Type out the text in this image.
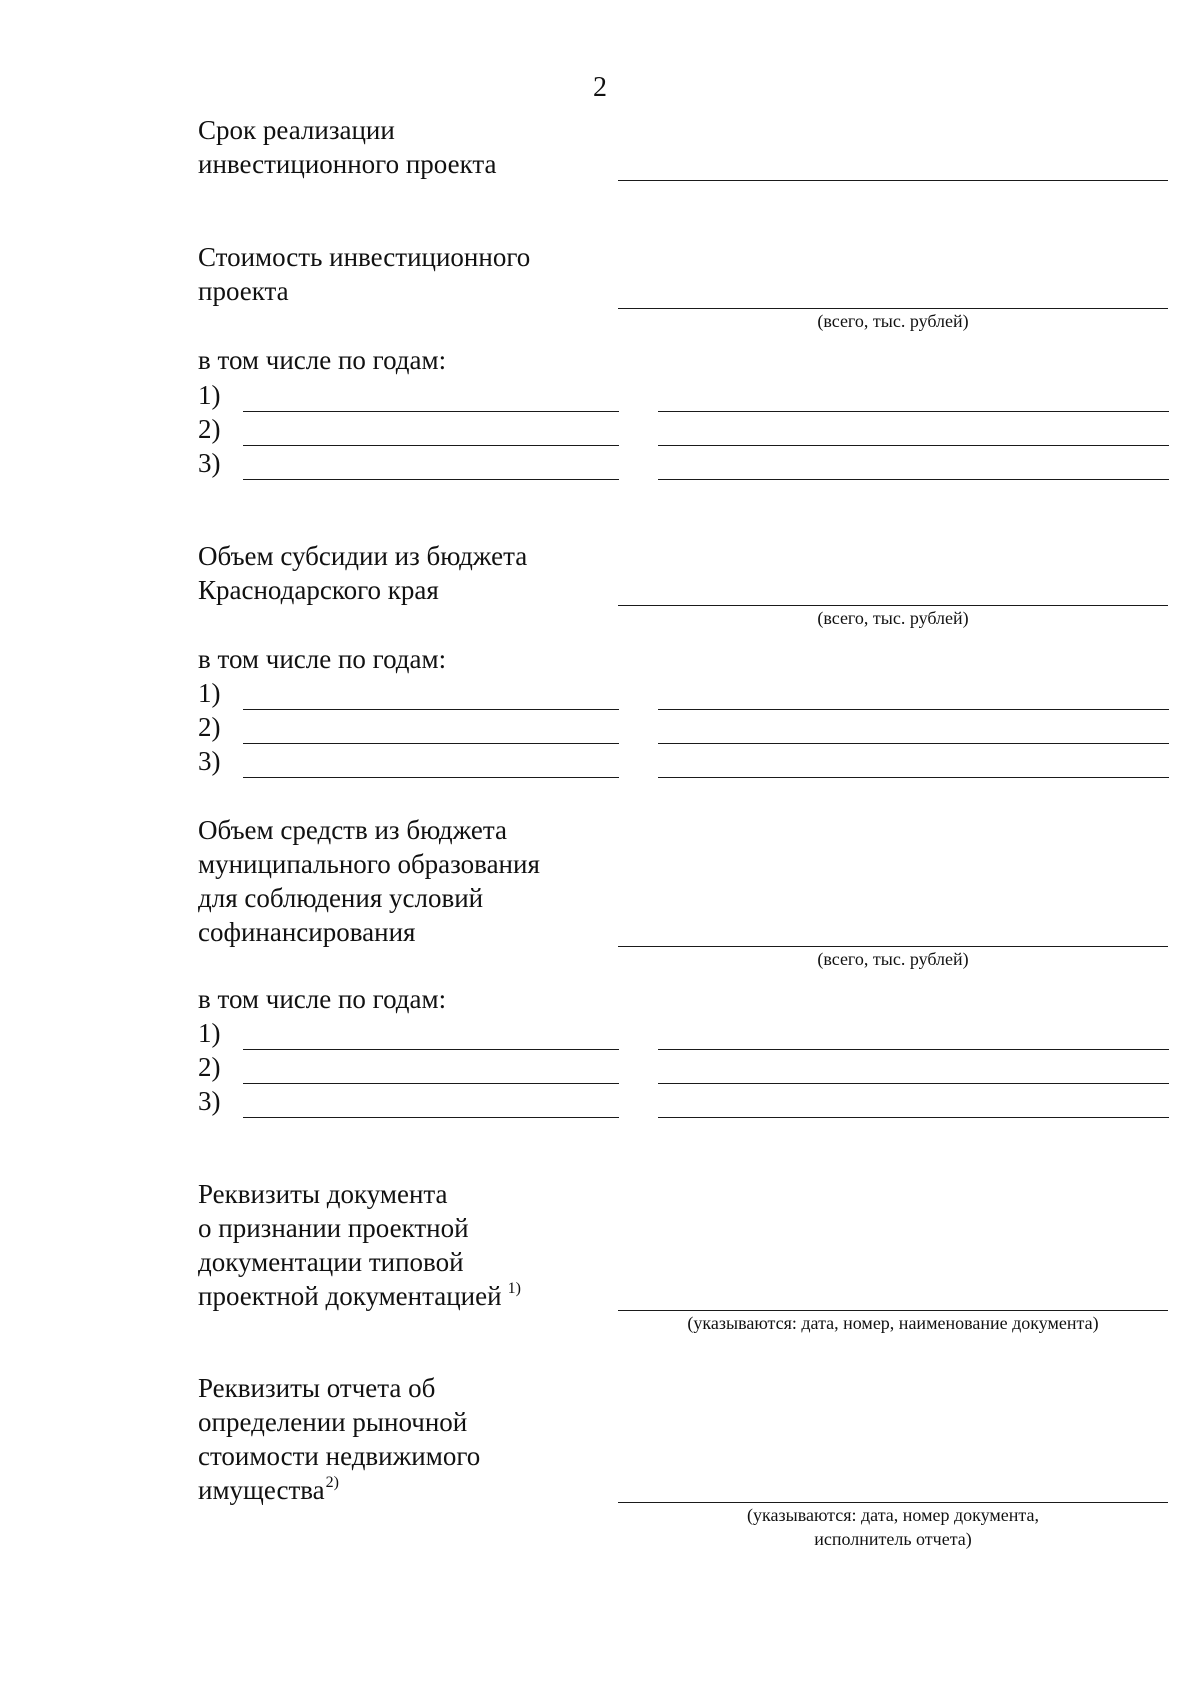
2
Срок реализации
инвестиционного проекта
Стоимость инвестиционного
проекта
(всего, тыс. рублей)
в том числе по годам:
1)
2)
3)
Объем субсидии из бюджета
Краснодарского края
(всего, тыс. рублей)
в том числе по годам:
1)
2)
3)
Объем средств из бюджета
муниципального образования
для соблюдения условий
софинансирования
(всего, тыс. рублей)
в том числе по годам:
1)
2)
3)
Реквизиты документа
о признании проектной
документации типовой
проектной документацией $^{1)}$
(указываются: дата, номер, наименование документа)
Реквизиты отчета об
определении рыночной
стоимости недвижимого
имущества$^{2)}$
(указываются: дата, номер документа,
исполнитель отчета)
